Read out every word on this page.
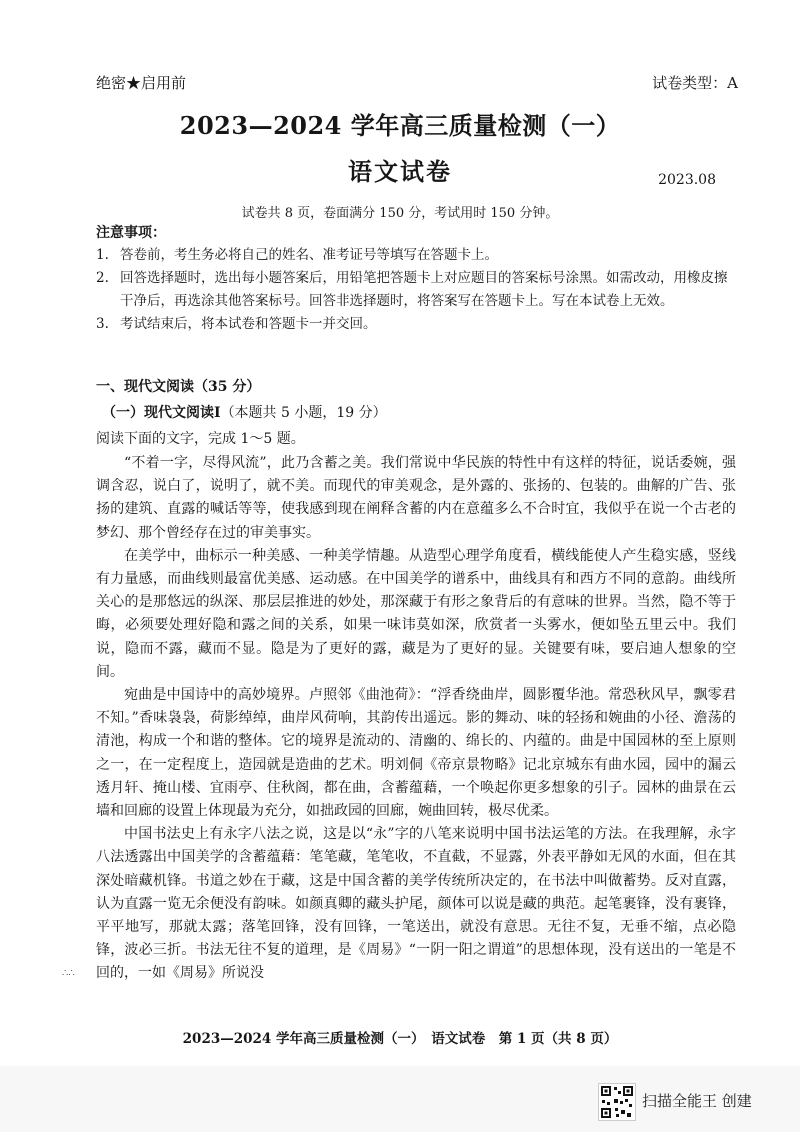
绝密★启用前	试卷类型：A
2023—2024 学年高三质量检测（一）
语文试卷	2023.08
试卷共 8 页，卷面满分 150 分，考试用时 150 分钟。
注意事项：
1. 答卷前，考生务必将自己的姓名、准考证号等填写在答题卡上。
2. 回答选择题时，选出每小题答案后，用铅笔把答题卡上对应题目的答案标号涂黑。如需改动，用橡皮擦干净后，再选涂其他答案标号。回答非选择题时，将答案写在答题卡上。写在本试卷上无效。
3. 考试结束后，将本试卷和答题卡一并交回。
一、现代文阅读（35 分）
（一）现代文阅读I（本题共 5 小题，19 分）
阅读下面的文字，完成 1～5 题。

“不着一字，尽得风流”，此乃含蓄之美。我们常说中华民族的特性中有这样的特征，说话委婉，强调含忍，说白了，说明了，就不美。而现代的审美观念，是外露的、张扬的、包装的。曲解的广告、张扬的建筑、直露的喊话等等，使我感到现在阐释含蓄的内在意蕴多么不合时宜，我似乎在说一个古老的梦幻、那个曾经存在过的审美事实。

在美学中，曲标示一种美感、一种美学情趣。从造型心理学角度看，横线能使人产生稳实感，竖线有力量感，而曲线则最富优美感、运动感。在中国美学的谱系中，曲线具有和西方不同的意韵。曲线所关心的是那悠远的纵深、那层层推进的妙处，那深藏于有形之象背后的有意味的世界。当然，隐不等于晦，必须要处理好隐和露之间的关系，如果一味讳莫如深，欣赏者一头雾水，便如坠五里云中。我们说，隐而不露，藏而不显。隐是为了更好的露，藏是为了更好的显。关键要有味，要启迪人想象的空间。

宛曲是中国诗中的高妙境界。卢照邻《曲池荷》：“浮香绕曲岸，圆影覆华池。常恐秋风早，飘零君不知。”香味袅袅，荷影绰绰，曲岸风荷响，其韵传出遥远。影的舞动、味的轻扬和婉曲的小径、澹荡的清池，构成一个和谐的整体。它的境界是流动的、清幽的、绵长的、内蕴的。曲是中国园林的至上原则之一，在一定程度上，造园就是造曲的艺术。明刘侗《帝京景物略》记北京城东有曲水园，园中的漏云透月轩、掩山楼、宜雨亭、住秋阁，都在曲，含蓄蕴藉，一个唤起你更多想象的引子。园林的曲景在云墙和回廊的设置上体现最为充分，如拙政园的回廊，婉曲回转，极尽优柔。

中国书法史上有永字八法之说，这是以“永”字的八笔来说明中国书法运笔的方法。在我理解，永字八法透露出中国美学的含蓄蕴藉：笔笔藏，笔笔收，不直截，不显露，外表平静如无风的水面，但在其深处暗藏机锋。书道之妙在于藏，这是中国含蓄的美学传统所决定的，在书法中叫做蓄势。反对直露，认为直露一览无余便没有韵味。如颜真卿的藏头护尾，颜体可以说是藏的典范。起笔裹锋，没有裹锋，平平地写，那就太露；落笔回锋，没有回锋，一笔送出，就没有意思。无往不复，无垂不缩，点必隐锋，波必三折。书法无往不复的道理，是《周易》“一阴一阳之谓道”的思想体现，没有送出的一笔是不回的，一如《周易》所说没

∴∴
2023—2024 学年高三质量检测（一）　语文试卷　第 1 页（共 8 页）
扫描全能王 创建
